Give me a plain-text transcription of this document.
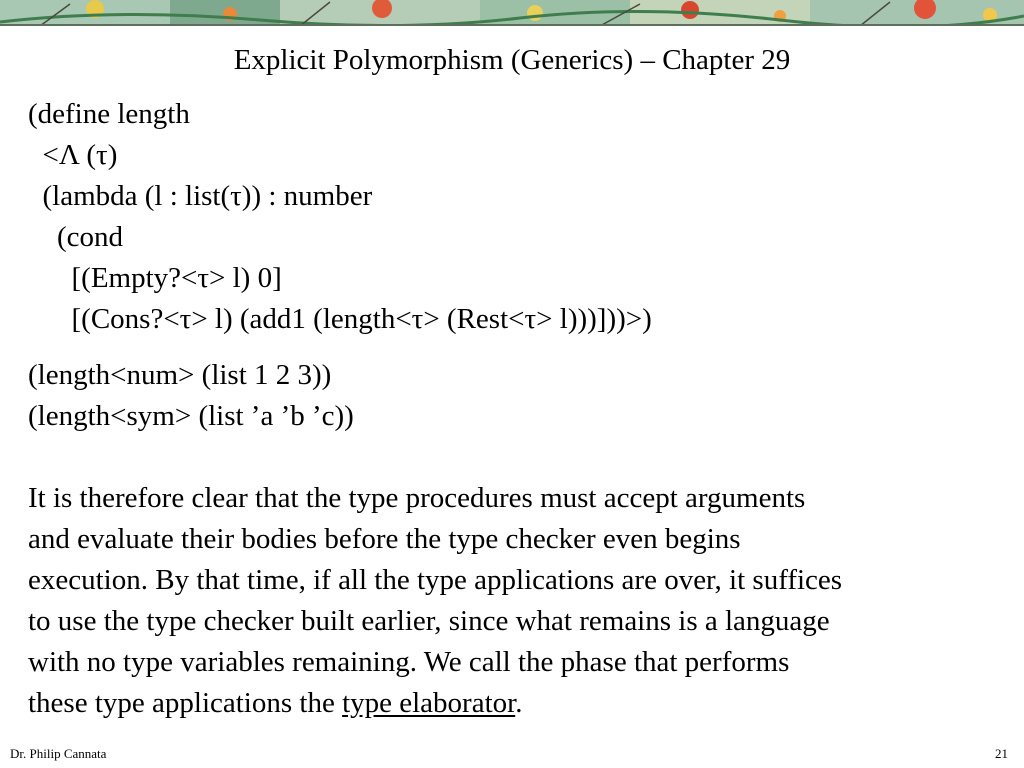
Explicit Polymorphism (Generics) – Chapter 29
(define length
<Λ (τ)
(lambda (l : list(τ)) : number
(cond
[(Empty?<τ> l) 0]
[(Cons?<τ> l) (add1 (length<τ> (Rest<τ> l)))]))>)
(length<num> (list 1 2 3))
(length<sym> (list ’a ’b ’c))
It is therefore clear that the type procedures must accept arguments
and evaluate their bodies before the type checker even begins
execution. By that time, if all the type applications are over, it suffices
to use the type checker built earlier, since what remains is a language
with no type variables remaining. We call the phase that performs
these type applications the type elaborator.
Dr. Philip Cannata	21
